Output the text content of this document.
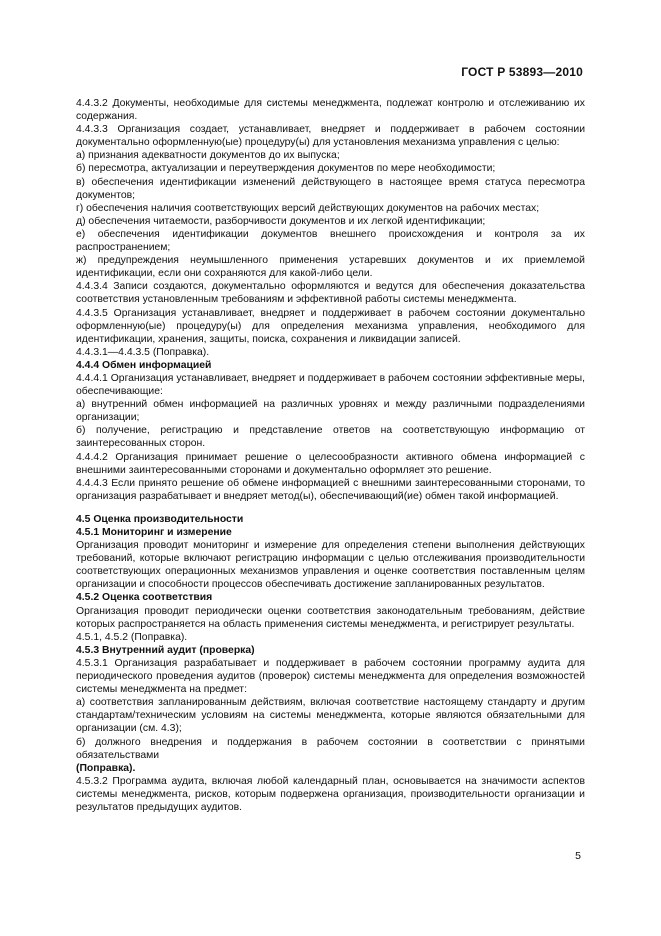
ГОСТ Р 53893—2010

4.4.3.2 Документы, необходимые для системы менеджмента, подлежат контролю и отслеживанию их содержания.

4.4.3.3 Организация создает, устанавливает, внедряет и поддерживает в рабочем состоянии документально оформленную(ые) процедуру(ы) для установления механизма управления с целью:

а) признания адекватности документов до их выпуска;

б) пересмотра, актуализации и переутверждения документов по мере необходимости;

в) обеспечения идентификации изменений действующего в настоящее время статуса пересмотра документов;

г) обеспечения наличия соответствующих версий действующих документов на рабочих местах;

д) обеспечения читаемости, разборчивости документов и их легкой идентификации;

е) обеспечения идентификации документов внешнего происхождения и контроля за их распространением;

ж) предупреждения неумышленного применения устаревших документов и их приемлемой идентификации, если они сохраняются для какой-либо цели.

4.4.3.4 Записи создаются, документально оформляются и ведутся для обеспечения доказательства соответствия установленным требованиям и эффективной работы системы менеджмента.

4.4.3.5 Организация устанавливает, внедряет и поддерживает в рабочем состоянии документально оформленную(ые) процедуру(ы) для определения механизма управления, необходимого для идентификации, хранения, защиты, поиска, сохранения и ликвидации записей.

4.4.3.1—4.4.3.5 (Поправка).

4.4.4 Обмен информацией

4.4.4.1 Организация устанавливает, внедряет и поддерживает в рабочем состоянии эффективные меры, обеспечивающие:

а) внутренний обмен информацией на различных уровнях и между различными подразделениями организации;

б) получение, регистрацию и представление ответов на соответствующую информацию от заинтересованных сторон.

4.4.4.2 Организация принимает решение о целесообразности активного обмена информацией с внешними заинтересованными сторонами и документально оформляет это решение.

4.4.4.3 Если принято решение об обмене информацией с внешними заинтересованными сторонами, то организация разрабатывает и внедряет метод(ы), обеспечивающий(ие) обмен такой информацией.

4.5 Оценка производительности

4.5.1 Мониторинг и измерение

Организация проводит мониторинг и измерение для определения степени выполнения действующих требований, которые включают регистрацию информации с целью отслеживания производительности соответствующих операционных механизмов управления и оценке соответствия поставленным целям организации и способности процессов обеспечивать достижение запланированных результатов.

4.5.2 Оценка соответствия

Организация проводит периодически оценки соответствия законодательным требованиям, действие которых распространяется на область применения системы менеджмента, и регистрирует результаты.

4.5.1, 4.5.2 (Поправка).

4.5.3 Внутренний аудит (проверка)

4.5.3.1 Организация разрабатывает и поддерживает в рабочем состоянии программу аудита для периодического проведения аудитов (проверок) системы менеджмента для определения возможностей системы менеджмента на предмет:

а) соответствия запланированным действиям, включая соответствие настоящему стандарту и другим стандартам/техническим условиям на системы менеджмента, которые являются обязательными для организации (см. 4.3);

б) должного внедрения и поддержания в рабочем состоянии в соответствии с принятыми обязательствами

(Поправка).

4.5.3.2 Программа аудита, включая любой календарный план, основывается на значимости аспектов системы менеджмента, рисков, которым подвержена организация, производительности организации и результатов предыдущих аудитов.

5
